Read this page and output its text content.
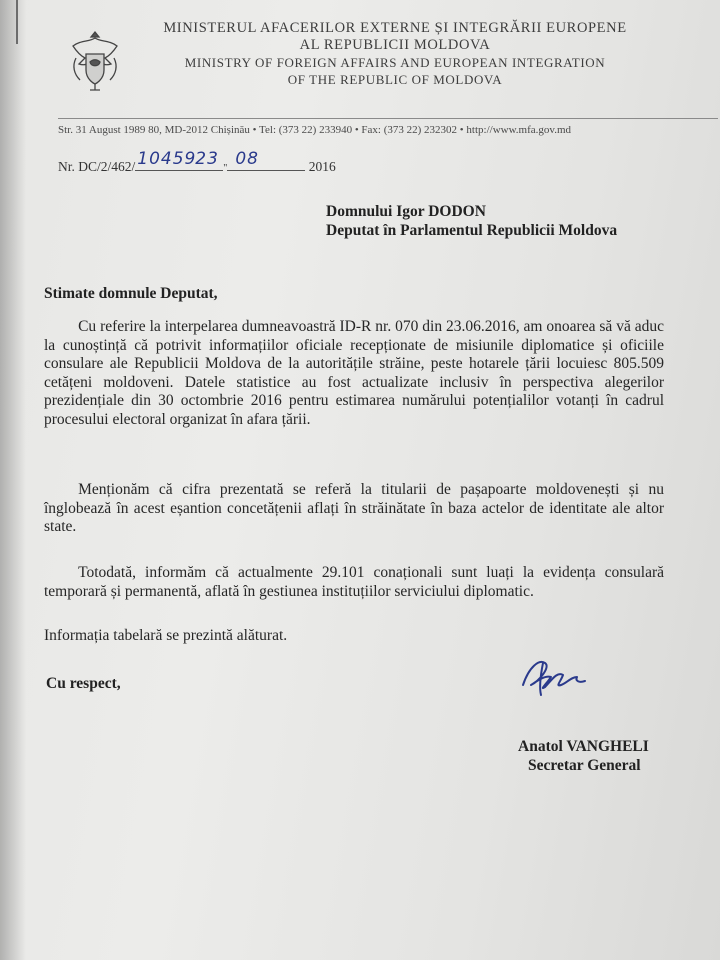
MINISTERUL AFACERILOR EXTERNE ȘI INTEGRĂRII EUROPENE
AL REPUBLICII MOLDOVA
MINISTRY OF FOREIGN AFFAIRS AND EUROPEAN INTEGRATION
OF THE REPUBLIC OF MOLDOVA
Str. 31 August 1989 80, MD-2012 Chișinău • Tel: (373 22) 233940 • Fax: (373 22) 232302 • http://www.mfa.gov.md
Nr. DC/2/462/ 10459
23 " 08	2016
Domnului Igor DODON
Deputat în Parlamentul Republicii Moldova
Stimate domnule Deputat,
Cu referire la interpelarea dumneavoastră ID-R nr. 070 din 23.06.2016, am onoarea să vă aduc la cunoștință că potrivit informațiilor oficiale recepționate de misiunile diplomatice și oficiile consulare ale Republicii Moldova de la autoritățile străine, peste hotarele țării locuiesc 805.509 cetățeni moldoveni. Datele statistice au fost actualizate inclusiv în perspectiva alegerilor prezidențiale din 30 octombrie 2016 pentru estimarea numărului potențialilor votanți în cadrul procesului electoral organizat în afara țării.
Menționăm că cifra prezentată se referă la titularii de pașapoarte moldovenești și nu înglobează în acest eșantion concetățenii aflați în străinătate în baza actelor de identitate ale altor state.
Totodată, informăm că actualmente 29.101 conaționali sunt luați la evidența consulară temporară și permanentă, aflată în gestiunea instituțiilor serviciului diplomatic.
Informația tabelară se prezintă alăturat.
Cu respect,
Anatol VANGHELI
Secretar General
